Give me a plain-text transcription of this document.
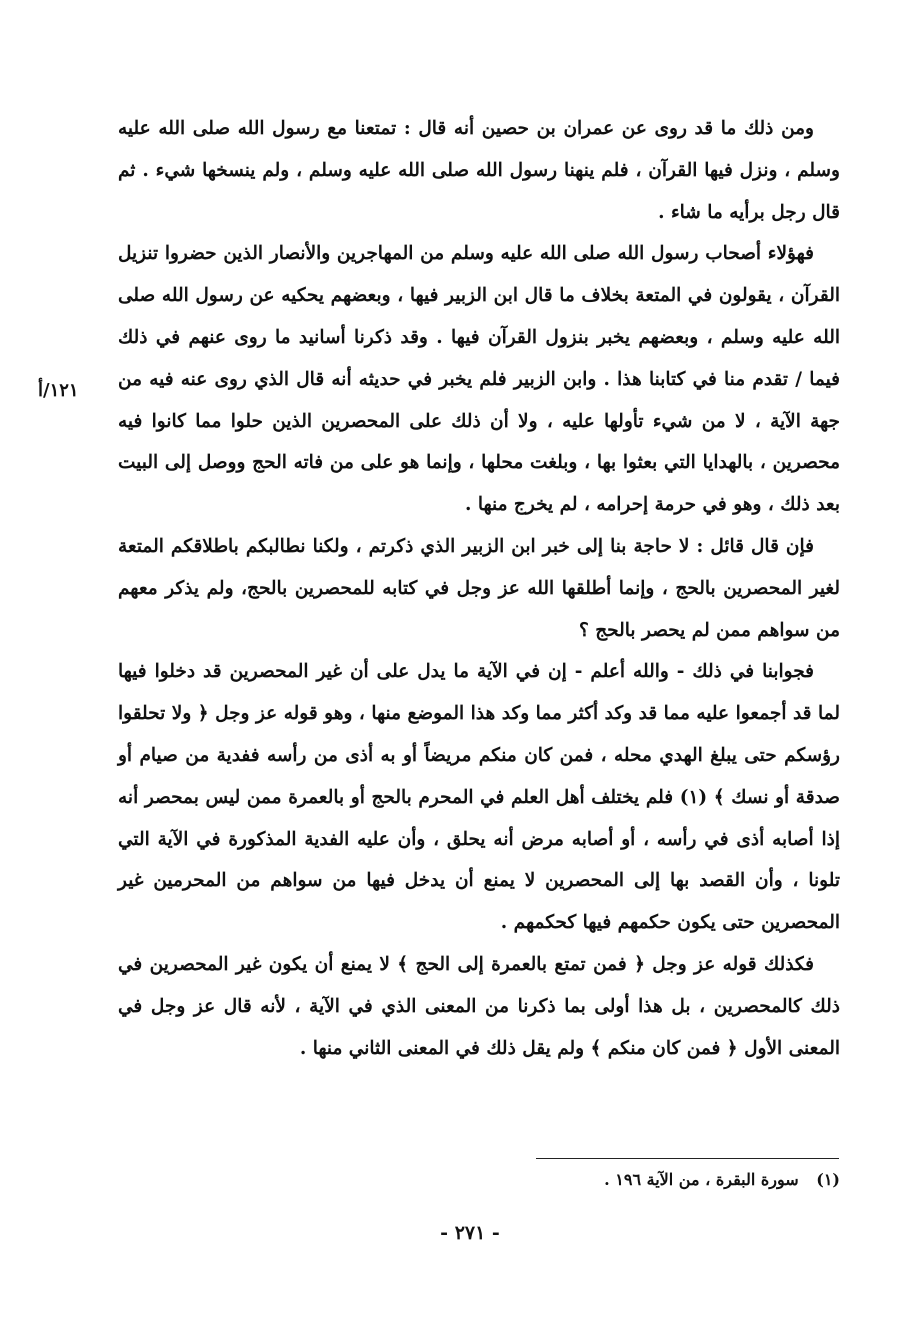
ومن ذلك ما قد روى عن عمران بن حصين أنه قال : تمتعنا مع رسول الله صلى الله عليه وسلم ، ونزل فيها القرآن ، فلم ينهنا رسول الله صلى الله عليه وسلم ، ولم ينسخها شيء . ثم قال رجل برأيه ما شاء .

فهؤلاء أصحاب رسول الله صلى الله عليه وسلم من المهاجرين والأنصار الذين حضروا تنزيل القرآن ، يقولون في المتعة بخلاف ما قال ابن الزبير فيها ، وبعضهم يحكيه عن رسول الله صلى الله عليه وسلم ، وبعضهم يخبر بنزول القرآن فيها . وقد ذكرنا أسانيد ما روى عنهم في ذلك فيما / تقدم منا في كتابنا هذا . وابن الزبير فلم يخبر في حديثه أنه قال الذي روى عنه فيه من جهة الآية ، لا من شيء تأولها عليه ، ولا أن ذلك على المحصرين الذين حلوا مما كانوا فيه محصرين ، بالهدايا التي بعثوا بها ، وبلغت محلها ، وإنما هو على من فاته الحج ووصل إلى البيت بعد ذلك ، وهو في حرمة إحرامه ، لم يخرج منها .

فإن قال قائل : لا حاجة بنا إلى خبر ابن الزبير الذي ذكرتم ، ولكنا نطالبكم باطلاقكم المتعة لغير المحصرين بالحج ، وإنما أطلقها الله عز وجل في كتابه للمحصرين بالحج، ولم يذكر معهم من سواهم ممن لم يحصر بالحج ؟

فجوابنا في ذلك - والله أعلم - إن في الآية ما يدل على أن غير المحصرين قد دخلوا فيها لما قد أجمعوا عليه مما قد وكد أكثر مما وكد هذا الموضع منها ، وهو قوله عز وجل ﴿ ولا تحلقوا رؤسكم حتى يبلغ الهدي محله ، فمن كان منكم مريضاً أو به أذى من رأسه ففدية من صيام أو صدقة أو نسك ﴾ (١) فلم يختلف أهل العلم في المحرم بالحج أو بالعمرة ممن ليس بمحصر أنه إذا أصابه أذى في رأسه ، أو أصابه مرض أنه يحلق ، وأن عليه الفدية المذكورة في الآية التي تلونا ، وأن القصد بها إلى المحصرين لا يمنع أن يدخل فيها من سواهم من المحرمين غير المحصرين حتى يكون حكمهم فيها كحكمهم .

فكذلك قوله عز وجل ﴿ فمن تمتع بالعمرة إلى الحج ﴾ لا يمنع أن يكون غير المحصرين في ذلك كالمحصرين ، بل هذا أولى بما ذكرنا من المعنى الذي في الآية ، لأنه قال عز وجل في المعنى الأول ﴿ فمن كان منكم ﴾ ولم يقل ذلك في المعنى الثاني منها .

١٢١/أ
(١) سورة البقرة ، من الآية ١٩٦ .
- ٢٧١ -
